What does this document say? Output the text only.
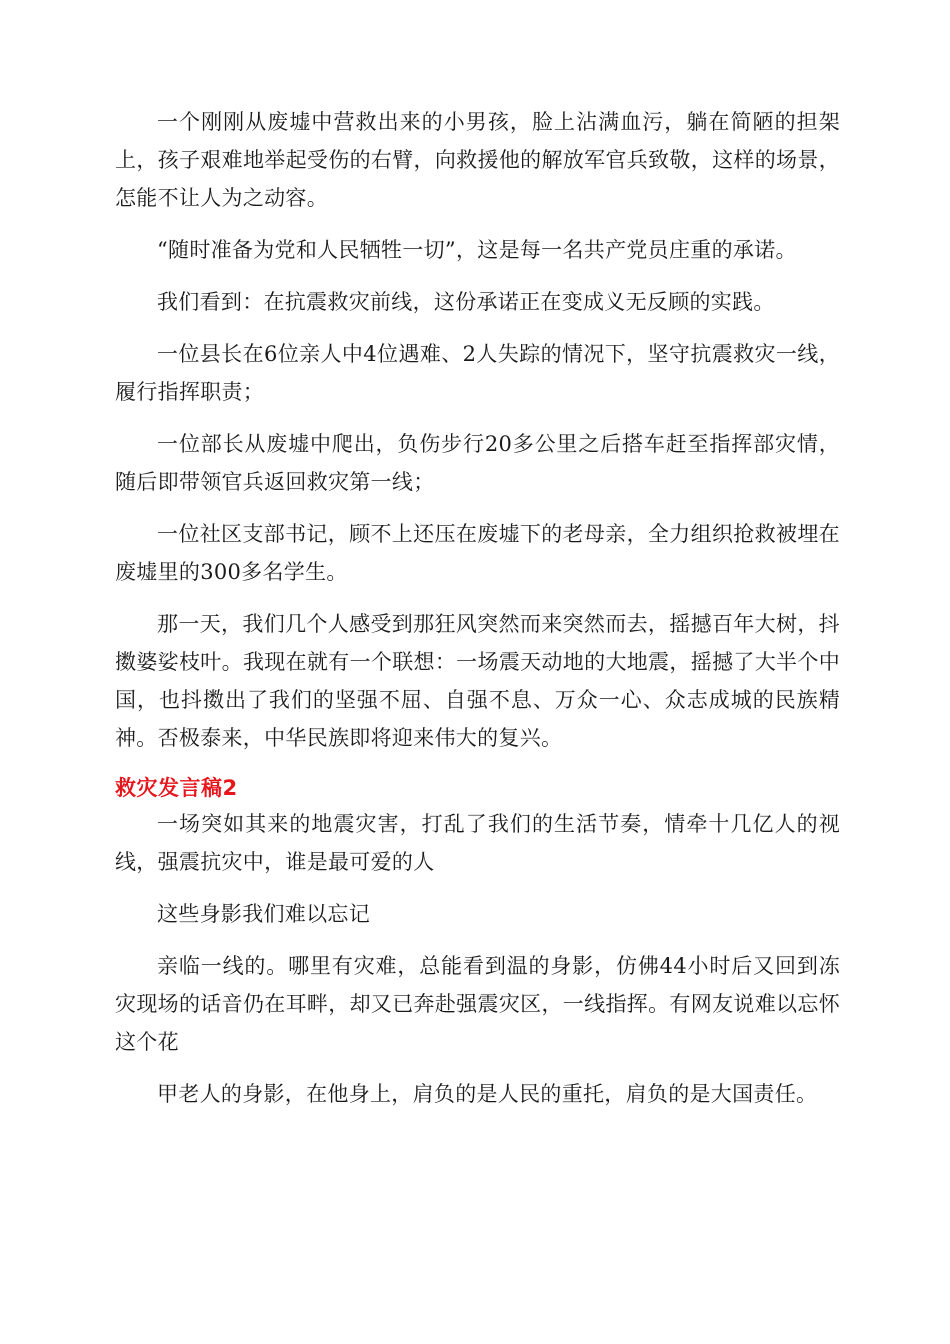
一个刚刚从废墟中营救出来的小男孩，脸上沾满血污，躺在简陋的担架上，孩子艰难地举起受伤的右臂，向救援他的解放军官兵致敬，这样的场景，怎能不让人为之动容。

“随时准备为党和人民牺牲一切”，这是每一名共产党员庄重的承诺。

我们看到：在抗震救灾前线，这份承诺正在变成义无反顾的实践。

一位县长在6位亲人中4位遇难、2人失踪的情况下，坚守抗震救灾一线，履行指挥职责；

一位部长从废墟中爬出，负伤步行20多公里之后搭车赶至指挥部灾情，随后即带领官兵返回救灾第一线；

一位社区支部书记，顾不上还压在废墟下的老母亲，全力组织抢救被埋在废墟里的300多名学生。

那一天，我们几个人感受到那狂风突然而来突然而去，摇撼百年大树，抖擞婆娑枝叶。我现在就有一个联想：一场震天动地的大地震，摇撼了大半个中国，也抖擞出了我们的坚强不屈、自强不息、万众一心、众志成城的民族精神。否极泰来，中华民族即将迎来伟大的复兴。

救灾发言稿2

一场突如其来的地震灾害，打乱了我们的生活节奏，情牵十几亿人的视线，强震抗灾中，谁是最可爱的人

这些身影我们难以忘记

亲临一线的。哪里有灾难，总能看到温的身影，仿佛44小时后又回到冻灾现场的话音仍在耳畔，却又已奔赴强震灾区，一线指挥。有网友说难以忘怀这个花

甲老人的身影，在他身上，肩负的是人民的重托，肩负的是大国责任。
